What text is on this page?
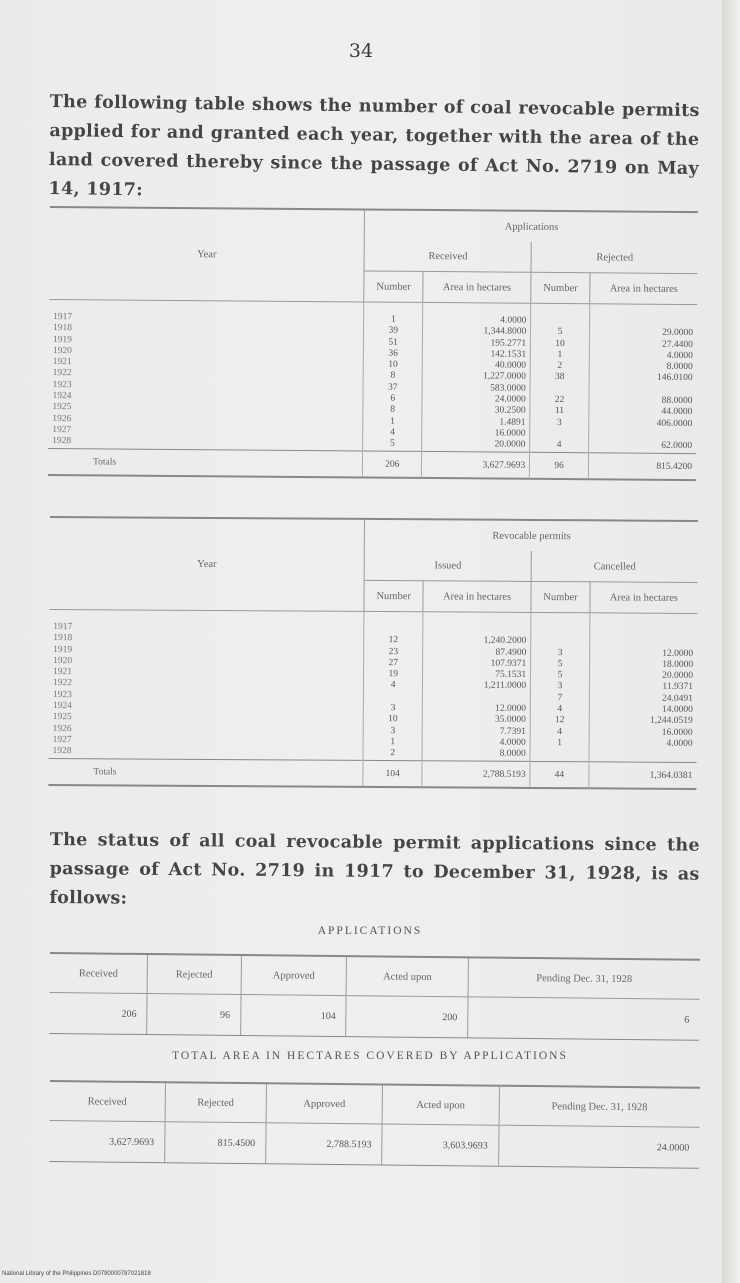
34
The following table shows the number of coal revocable permits applied for and granted each year, together with the area of the land covered thereby since the passage of Act No. 2719 on May 14, 1917:
Year	Applications			
	Received		Rejected	
	Number	Area in hectares	Number	Area in hectares
1917	1	4.0000		
1918	39	1,344.8000	5	29.0000
1919	51	195.2771	10	27.4400
1920	36	142.1531	1	4.0000
1921	10	40.0000	2	8.0000
1922	8	1,227.0000	38	146.0100
1923	37	583.0000		
1924	6	24.0000	22	88.0000
1925	8	30.2500	11	44.0000
1926	1	1.4891	3	406.0000
1927	4	16.0000		
1928	5	20.0000	4	62.0000
Totals	206	3,627.9693	96	815.4200
Year	Revocable permits			
	Issued		Cancelled	
	Number	Area in hectares	Number	Area in hectares
1917				
1918	12	1,240.2000		
1919	23	87.4900	3	12.0000
1920	27	107.9371	5	18.0000
1921	19	75.1531	5	20.0000
1922	4	1,211.0000	3	11.9371
1923			7	24.0491
1924	3	12.0000	4	14.0000
1925	10	35.0000	12	1,244.0519
1926	3	7.7391	4	16.0000
1927	1	4.0000	1	4.0000
1928	2	8.0000		
Totals	104	2,788.5193	44	1,364.0381
The status of all coal revocable permit applications since the passage of Act No. 2719 in 1917 to December 31, 1928, is as follows:
APPLICATIONS
Received	Rejected	Approved	Acted upon	Pending Dec. 31, 1928
206	96	104	200	6
TOTAL AREA IN HECTARES COVERED BY APPLICATIONS
Received	Rejected	Approved	Acted upon	Pending Dec. 31, 1928
3,627.9693	815.4500	2,788.5193	3,603.9693	24.0000
National Library of the Philippines D0790000787021818
